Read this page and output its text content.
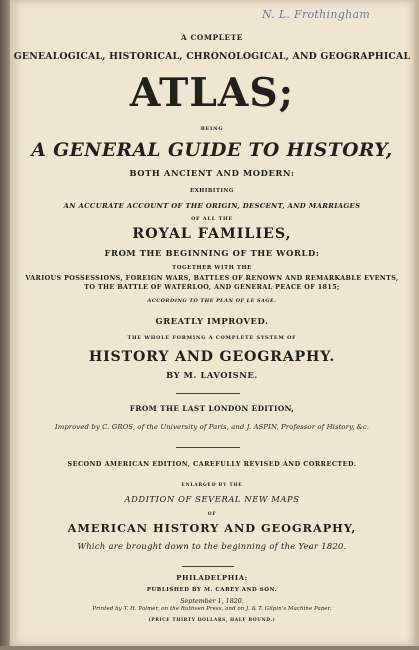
N. L. Frothingham
A COMPLETE
GENEALOGICAL, HISTORICAL, CHRONOLOGICAL, AND GEOGRAPHICAL
ATLAS;
BEING
A GENERAL GUIDE TO HISTORY,
BOTH ANCIENT AND MODERN:
EXHIBITING
AN ACCURATE ACCOUNT OF THE ORIGIN, DESCENT, AND MARRIAGES
OF ALL THE
ROYAL FAMILIES,
FROM THE BEGINNING OF THE WORLD:
TOGETHER WITH THE
VARIOUS POSSESSIONS, FOREIGN WARS, BATTLES OF RENOWN AND REMARKABLE EVENTS,
TO THE BATTLE OF WATERLOO, AND GENERAL PEACE OF 1815;
ACCORDING TO THE PLAN OF LE SAGE.
GREATLY IMPROVED.
THE WHOLE FORMING A COMPLETE SYSTEM OF
HISTORY AND GEOGRAPHY.
BY M. LAVOISNE.
FROM THE LAST LONDON EDITION,
Improved by C. GROS, of the University of Paris, and J. ASPIN, Professor of History, &c.
SECOND AMERICAN EDITION, CAREFULLY REVISED AND CORRECTED.
ENLARGED BY THE
ADDITION OF SEVERAL NEW MAPS
OF
AMERICAN HISTORY AND GEOGRAPHY,
Which are brought down to the beginning of the Year 1820.
PHILADELPHIA:
PUBLISHED BY M. CAREY AND SON.
September 1, 1820.
Printed by T. H. Palmer, on the Ruthven Press, and on J. & T. Gilpin's Machine Paper.
(PRICE THIRTY DOLLARS, HALF BOUND.)
